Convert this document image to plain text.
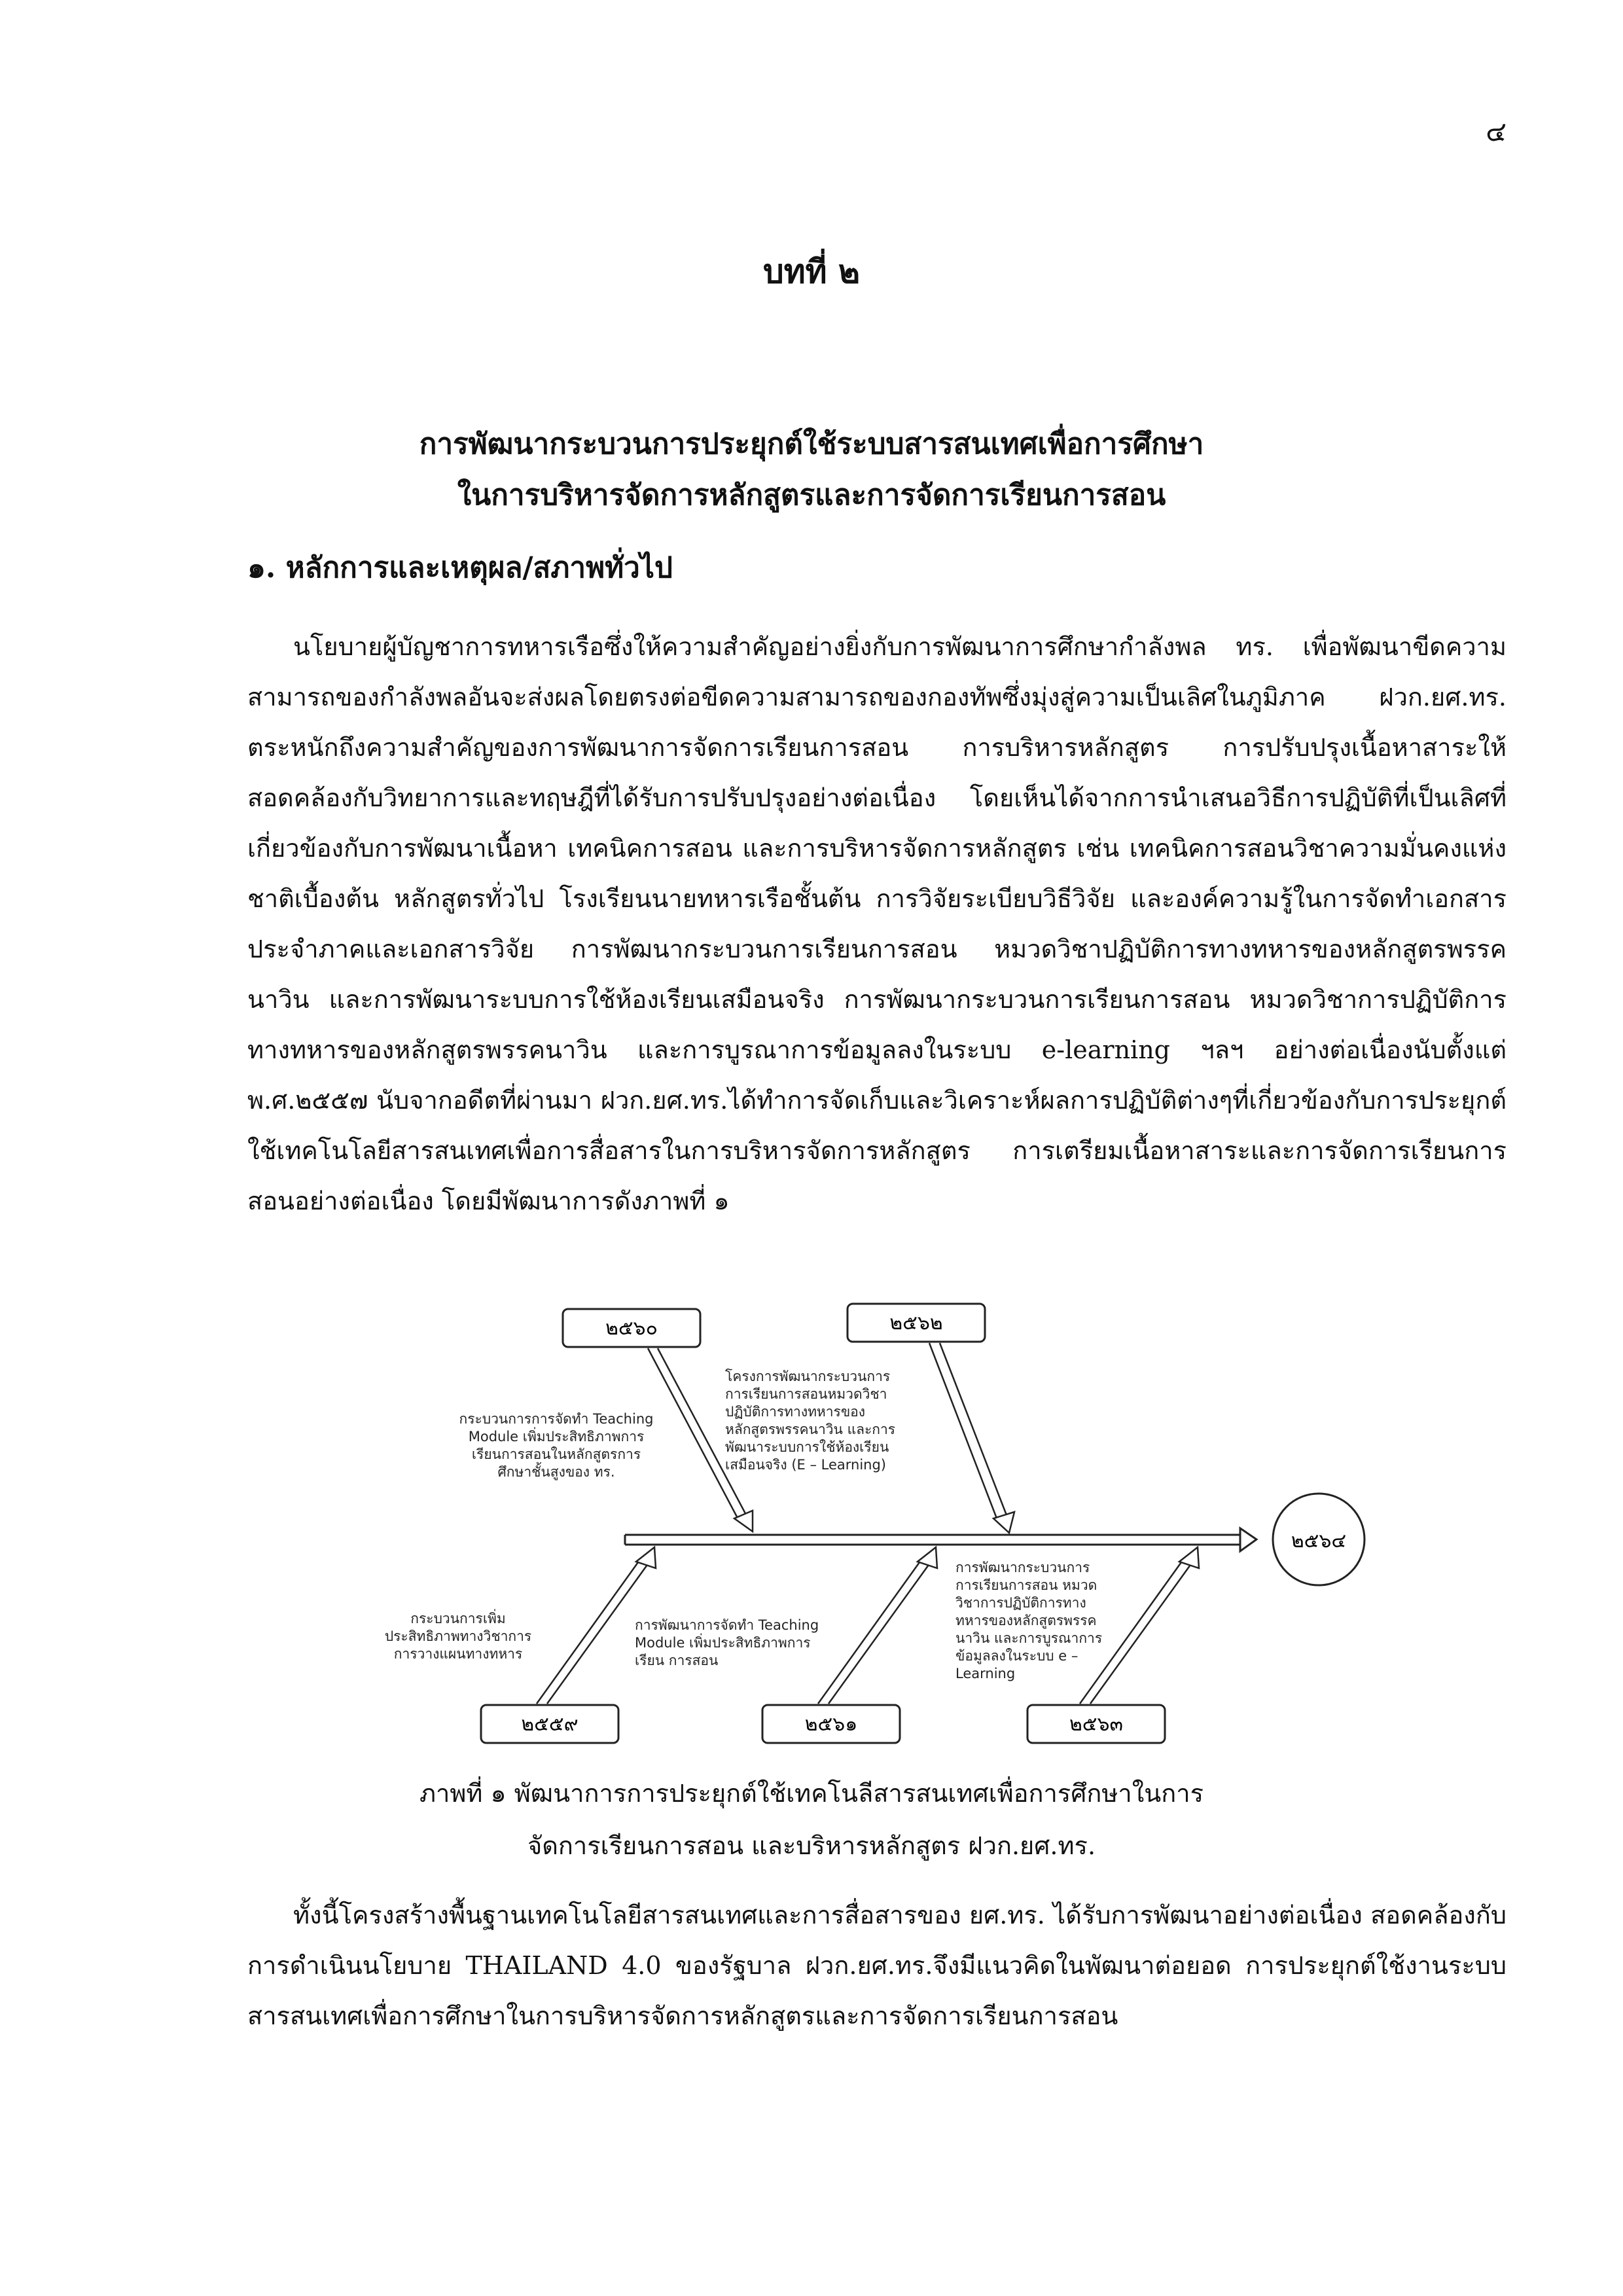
๔
บทที่ ๒
การพัฒนากระบวนการประยุกต์ใช้ระบบสารสนเทศเพื่อการศึกษา
ในการบริหารจัดการหลักสูตรและการจัดการเรียนการสอน
๑. หลักการและเหตุผล/สภาพทั่วไป

นโยบายผู้บัญชาการทหารเรือซึ่งให้ความสำคัญอย่างยิ่งกับการพัฒนาการศึกษากำลังพล ทร. เพื่อพัฒนาขีดความสามารถของกำลังพลอันจะส่งผลโดยตรงต่อขีดความสามารถของกองทัพซึ่งมุ่งสู่ความเป็นเลิศในภูมิภาค ฝวก.ยศ.ทร. ตระหนักถึงความสำคัญของการพัฒนาการจัดการเรียนการสอน การบริหารหลักสูตร การปรับปรุงเนื้อหาสาระให้สอดคล้องกับวิทยาการและทฤษฎีที่ได้รับการปรับปรุงอย่างต่อเนื่อง โดยเห็นได้จากการนำเสนอวิธีการปฏิบัติที่เป็นเลิศที่เกี่ยวข้องกับการพัฒนาเนื้อหา เทคนิคการสอน และการบริหารจัดการหลักสูตร เช่น เทคนิคการสอนวิชาความมั่นคงแห่งชาติเบื้องต้น หลักสูตรทั่วไป โรงเรียนนายทหารเรือชั้นต้น การวิจัยระเบียบวิธีวิจัย และองค์ความรู้ในการจัดทำเอกสารประจำภาคและเอกสารวิจัย การพัฒนากระบวนการเรียนการสอน หมวดวิชาปฏิบัติการทางทหารของหลักสูตรพรรคนาวิน และการพัฒนาระบบการใช้ห้องเรียนเสมือนจริง การพัฒนากระบวนการเรียนการสอน หมวดวิชาการปฏิบัติการทางทหารของหลักสูตรพรรคนาวิน และการบูรณาการข้อมูลลงในระบบ e-learning ฯลฯ อย่างต่อเนื่องนับตั้งแต่ พ.ศ.๒๕๕๗ นับจากอดีตที่ผ่านมา ฝวก.ยศ.ทร.ได้ทำการจัดเก็บและวิเคราะห์ผลการปฏิบัติต่างๆที่เกี่ยวข้องกับการประยุกต์ใช้เทคโนโลยีสารสนเทศเพื่อการสื่อสารในการบริหารจัดการหลักสูตร การเตรียมเนื้อหาสาระและการจัดการเรียนการสอนอย่างต่อเนื่อง โดยมีพัฒนาการดังภาพที่ ๑

๒๕๖๔
๒๕๖๐	๒๕๖๒
๒๕๕๙	๒๕๖๑	๒๕๖๓
กระบวนการการจัดทำ Teaching
Module เพิ่มประสิทธิภาพการ
เรียนการสอนในหลักสูตรการ
ศึกษาชั้นสูงของ ทร.
โครงการพัฒนากระบวนการ
การเรียนการสอนหมวดวิชา
ปฏิบัติการทางทหารของ
หลักสูตรพรรคนาวิน และการ
พัฒนาระบบการใช้ห้องเรียน
เสมือนจริง (E – Learning)
กระบวนการเพิ่ม
ประสิทธิภาพทางวิชาการ
การวางแผนทางทหาร
การพัฒนาการจัดทำ Teaching
Module เพิ่มประสิทธิภาพการ
เรียน การสอน
การพัฒนากระบวนการ
การเรียนการสอน หมวด
วิชาการปฏิบัติการทาง
ทหารของหลักสูตรพรรค
นาวิน และการบูรณาการ
ข้อมูลลงในระบบ e –
Learning
ภาพที่ ๑ พัฒนาการการประยุกต์ใช้เทคโนลีสารสนเทศเพื่อการศึกษาในการ
จัดการเรียนการสอน และบริหารหลักสูตร ฝวก.ยศ.ทร.

ทั้งนี้โครงสร้างพื้นฐานเทคโนโลยีสารสนเทศและการสื่อสารของ ยศ.ทร. ได้รับการพัฒนาอย่างต่อเนื่อง สอดคล้องกับการดำเนินนโยบาย THAILAND 4.0 ของรัฐบาล ฝวก.ยศ.ทร.จึงมีแนวคิดในพัฒนาต่อยอด การประยุกต์ใช้งานระบบสารสนเทศเพื่อการศึกษาในการบริหารจัดการหลักสูตรและการจัดการเรียนการสอน
